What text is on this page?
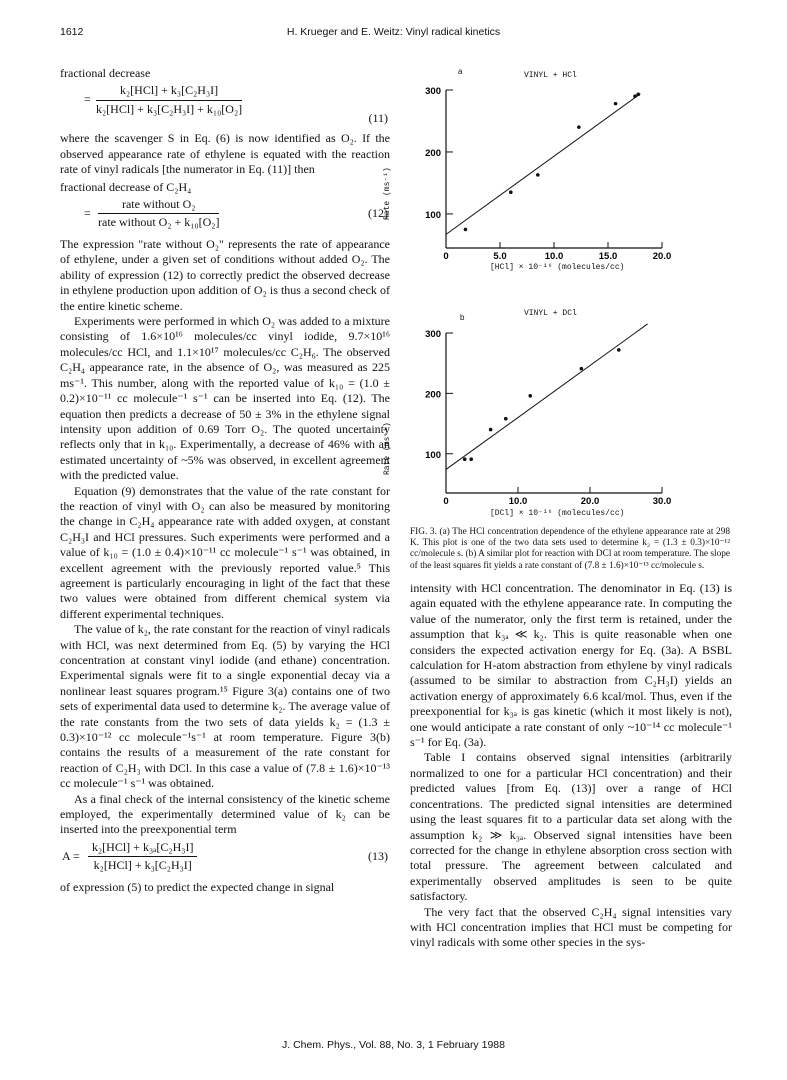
1612	H. Krueger and E. Weitz: Vinyl radical kinetics

fractional decrease

=
k₂[HCl] + k₃[C₂H₃I]
k₂[HCl] + k₃[C₂H₃I] + k₁₀[O₂]
(11)

where the scavenger S in Eq. (6) is now identified as O₂. If the observed appearance rate of ethylene is equated with the reaction rate of vinyl radicals [the numerator in Eq. (11)] then

fractional decrease of C₂H₄

=
rate without O₂
rate without O₂ + k₁₀[O₂]
(12)

The expression "rate without O₂" represents the rate of appearance of ethylene, under a given set of conditions without added O₂. The ability of expression (12) to correctly predict the observed decrease in ethylene production upon addition of O₂ is thus a second check of the entire kinetic scheme.

Experiments were performed in which O₂ was added to a mixture consisting of 1.6×10¹⁶ molecules/cc vinyl iodide, 9.7×10¹⁶ molecules/cc HCl, and 1.1×10¹⁷ molecules/cc C₂H₆. The observed C₂H₄ appearance rate, in the absence of O₂, was measured as 225 ms⁻¹. This number, along with the reported value of k₁₀ = (1.0 ± 0.2)×10⁻¹¹ cc molecule⁻¹ s⁻¹ can be inserted into Eq. (12). The equation then predicts a decrease of 50 ± 3% in the ethylene signal intensity upon addition of 0.69 Torr O₂. The quoted uncertainty reflects only that in k₁₀. Experimentally, a decrease of 46% with an estimated uncertainty of ~5% was observed, in excellent agreement with the predicted value.

Equation (9) demonstrates that the value of the rate constant for the reaction of vinyl with O₂ can also be measured by monitoring the change in C₂H₄ appearance rate with added oxygen, at constant C₂H₃I and HCl pressures. Such experiments were performed and a value of k₁₀ = (1.0 ± 0.4)×10⁻¹¹ cc molecule⁻¹ s⁻¹ was obtained, in excellent agreement with the previously reported value.⁵ This agreement is particularly encouraging in light of the fact that these two values were obtained from different chemical system via different experimental techniques.

The value of k₂, the rate constant for the reaction of vinyl radicals with HCl, was next determined from Eq. (5) by varying the HCl concentration at constant vinyl iodide (and ethane) concentration. Experimental signals were fit to a single exponential decay via a nonlinear least squares program.¹⁵ Figure 3(a) contains one of two sets of experimental data used to determine k₂. The average value of the rate constants from the two sets of data yields k₂ = (1.3 ± 0.3)×10⁻¹² cc molecule⁻¹s⁻¹ at room temperature. Figure 3(b) contains the results of a measurement of the rate constant for reaction of C₂H₃ with DCl. In this case a value of (7.8 ± 1.6)×10⁻¹³ cc molecule⁻¹ s⁻¹ was obtained.

As a final check of the internal consistency of the kinetic scheme employed, the experimentally determined value of k₂ can be inserted into the preexponential term

A =
k₂[HCl] + k₃ₐ[C₂H₃I]
k₂[HCl] + k₃[C₂H₃I]
(13)

of expression (5) to predict the expected change in signal

a	VINYL + HCl
Rate (ms⁻¹)	100
200
300
0	5.0	10.0	15.0	20.0
[HCl] × 10⁻¹⁶ (molecules/cc)
b	VINYL + DCl
Rate (ms⁻¹)	100
200
300
0	10.0	20.0	30.0
[DCl] × 10⁻¹⁶ (molecules/cc)
FIG. 3. (a) The HCl concentration dependence of the ethylene appearance rate at 298 K. This plot is one of the two data sets used to determine k₂ = (1.3 ± 0.3)×10⁻¹² cc/molecule s. (b) A similar plot for reaction with DCl at room temperature. The slope of the least squares fit yields a rate constant of (7.8 ± 1.6)×10⁻¹³ cc/molecule s.

intensity with HCl concentration. The denominator in Eq. (13) is again equated with the ethylene appearance rate. In computing the value of the numerator, only the first term is retained, under the assumption that k₃ₐ ≪ k₂. This is quite reasonable when one considers the expected activation energy for Eq. (3a). A BSBL calculation for H-atom abstraction from ethylene by vinyl radicals (assumed to be similar to abstraction from C₂H₃I) yields an activation energy of approximately 6.6 kcal/mol. Thus, even if the preexponential for k₃ₐ is gas kinetic (which it most likely is not), one would anticipate a rate constant of only ~10⁻¹⁴ cc molecule⁻¹ s⁻¹ for Eq. (3a).

Table I contains observed signal intensities (arbitrarily normalized to one for a particular HCl concentration) and their predicted values [from Eq. (13)] over a range of HCl concentrations. The predicted signal intensities are determined using the least squares fit to a particular data set along with the assumption k₂ ≫ k₃ₐ. Observed signal intensities have been corrected for the change in ethylene absorption cross section with total pressure. The agreement between calculated and experimentally observed amplitudes is seen to be quite satisfactory.

The very fact that the observed C₂H₄ signal intensities vary with HCl concentration implies that HCl must be competing for vinyl radicals with some other species in the sys-

J. Chem. Phys., Vol. 88, No. 3, 1 February 1988
